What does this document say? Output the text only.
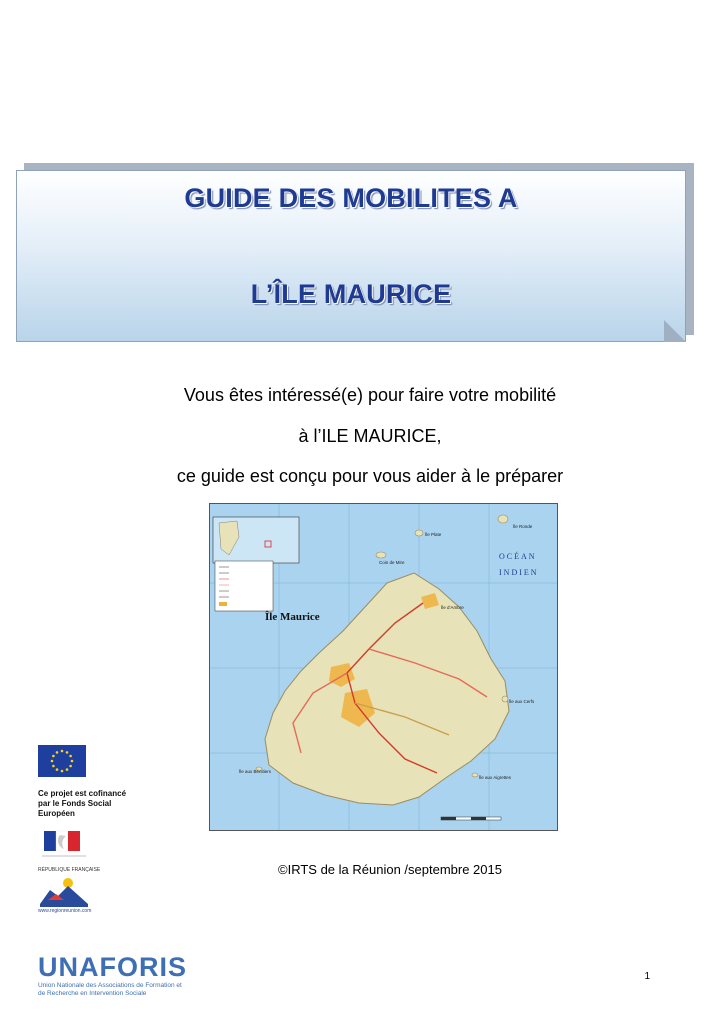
GUIDE DES MOBILITES A
L’ÎLE MAURICE
Vous êtes intéressé(e) pour faire votre mobilité
à l’ILE MAURICE,
ce guide est conçu pour vous aider à le préparer
Île Maurice
OCÉAN
INDIEN
Île Ronde
Île Plate
Coin de Mire
Île d’Ambre
Île aux Cerfs
Île aux Aigrettes
Île aux Bénitiers
©IRTS de la Réunion /septembre 2015
Ce projet est cofinancé par le Fonds Social Européen
RÉPUBLIQUE FRANÇAISE
www.regionreunion.com
UNAFORIS
Union Nationale des Associations de Formation et de Recherche en Intervention Sociale
1
